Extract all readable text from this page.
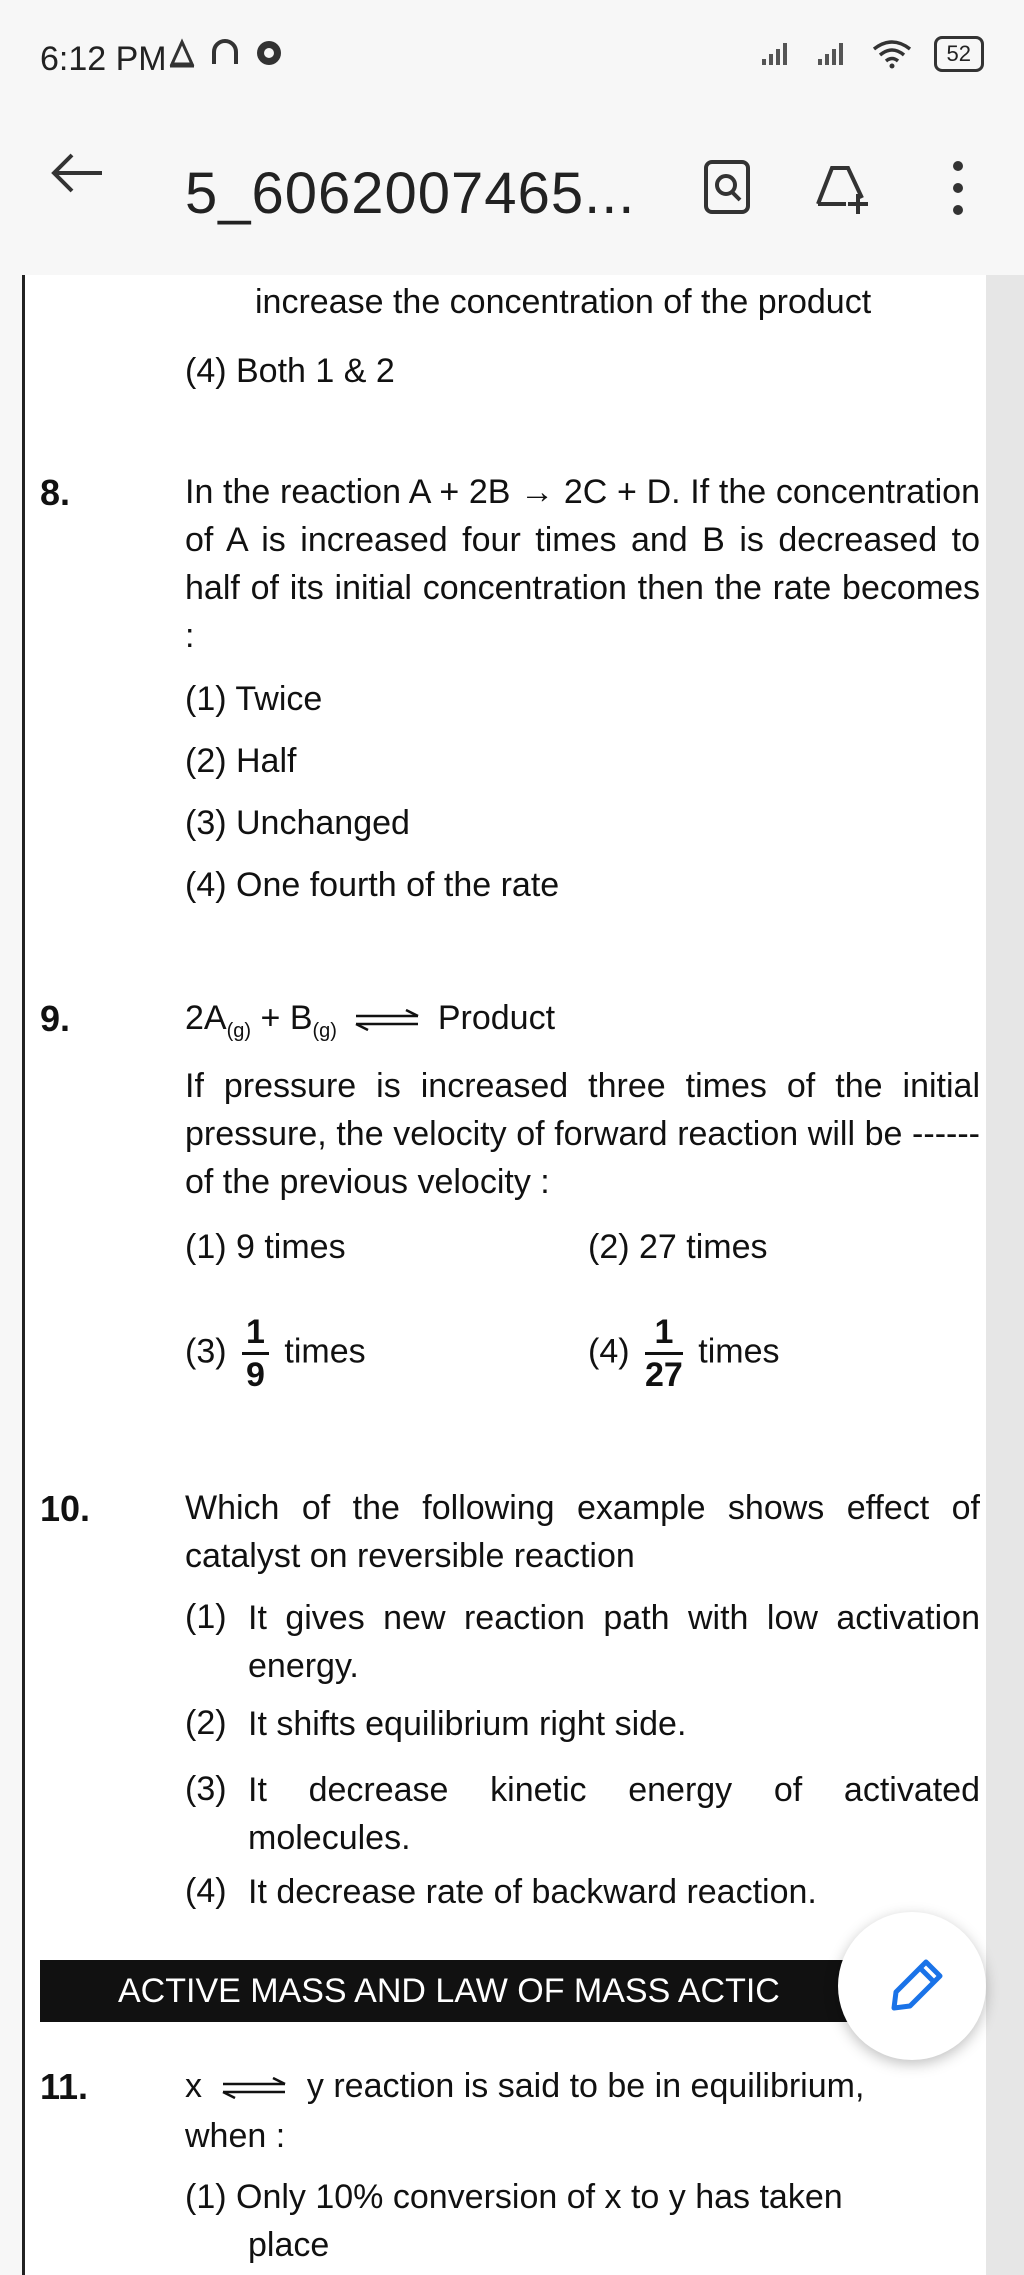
6:12 PM	52
5_6062007465...
increase the concentration of the product
(4) Both 1 & 2
8.	In the reaction A + 2B → 2C + D. If the concentration of A is increased four times and B is decreased to half of its initial concentration then the rate becomes :
(1) Twice
(2) Half
(3) Unchanged
(4) One fourth of the rate
9.	$2A_{(g)} + B_{(g)}$ ⇌ Product
If pressure is increased three times of the initial pressure, the velocity of forward reaction will be ------ of the previous velocity :
(1) 9 times	(2) 27 times
$(3) \frac{1}{9}$ times	$(4) \frac{1}{27}$ times
10.	Which of the following example shows effect of catalyst on reversible reaction
(1) It gives new reaction path with low activation energy.
(2) It shifts equilibrium right side.
(3) It decrease kinetic energy of activated molecules.
(4) It decrease rate of backward reaction.
ACTIVE MASS AND LAW OF MASS ACTIC
11.	x ⇌ y reaction is said to be in equilibrium,
when :
(1) Only 10% conversion of x to y has taken
place
